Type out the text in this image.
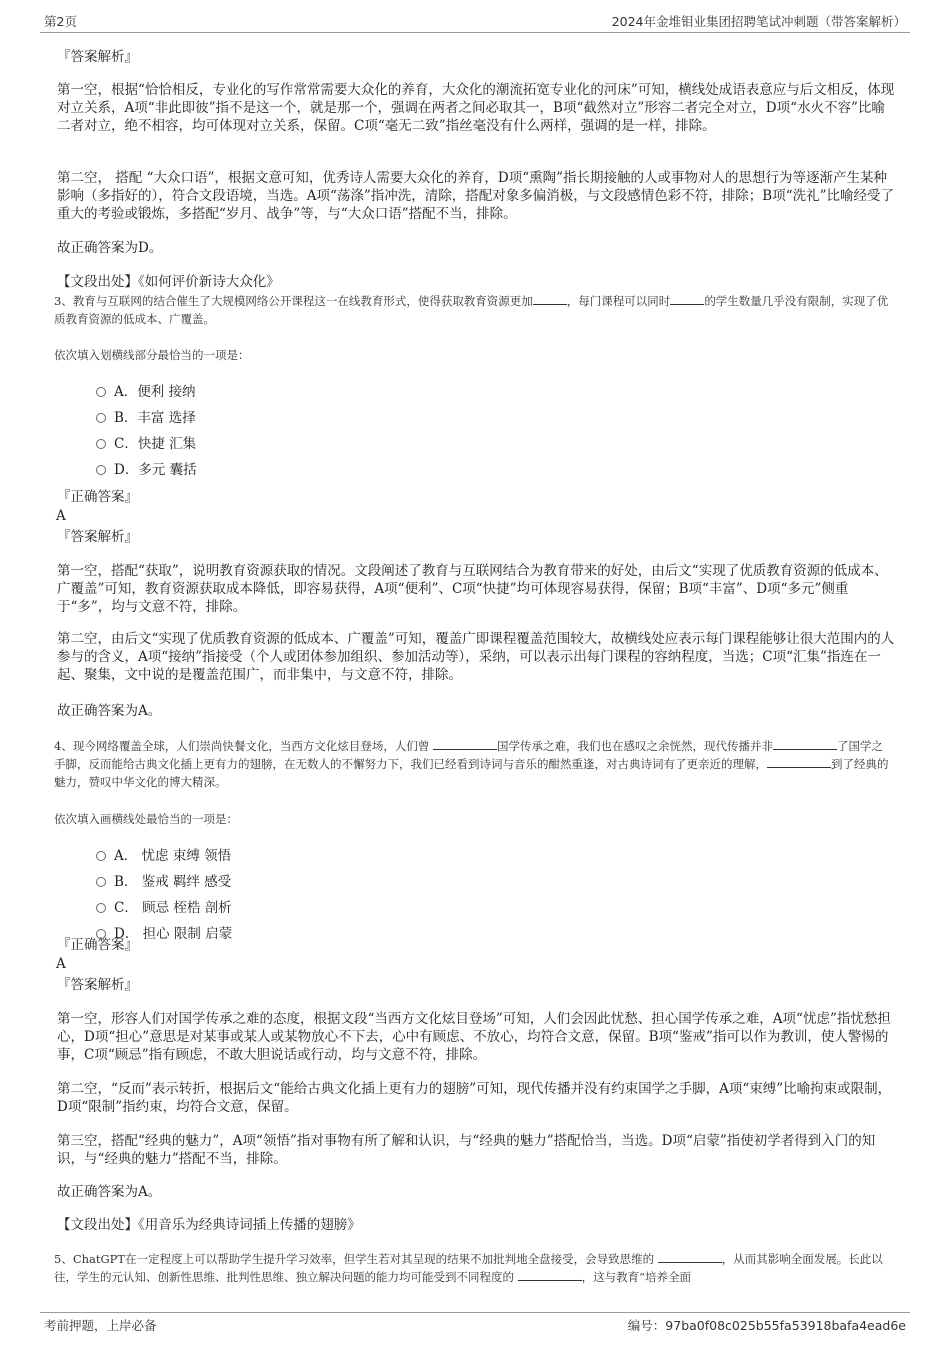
第2页	2024年金堆钼业集团招聘笔试冲刺题（带答案解析）

『答案解析』

第一空，根据“恰恰相反，专业化的写作常常需要大众化的养育，大众化的潮流拓宽专业化的河床”可知，横线处成语表意应与后文相反，体现对立关系，A项“非此即彼”指不是这一个，就是那一个，强调在两者之间必取其一，B项“截然对立”形容二者完全对立，D项“水火不容”比喻二者对立，绝不相容，均可体现对立关系，保留。C项“毫无二致”指丝毫没有什么两样，强调的是一样，排除。

第二空， 搭配 “大众口语”，根据文意可知，优秀诗人需要大众化的养育，D项“熏陶”指长期接触的人或事物对人的思想行为等逐渐产生某种影响（多指好的），符合文段语境，当选。A项“荡涤”指冲洗，清除，搭配对象多偏消极，与文段感情色彩不符，排除；B项“洗礼”比喻经受了重大的考验或锻炼，多搭配“岁月、战争”等，与“大众口语”搭配不当，排除。

故正确答案为D。

【文段出处】《如何评价新诗大众化》

3、教育与互联网的结合催生了大规模网络公开课程这一在线教育形式，使得获取教育资源更加	，每门课程可以同时	的学生数量几乎没有限制，实现了优质教育资源的低成本、广覆盖。

依次填入划横线部分最恰当的一项是：

A．便利 接纳
B．丰富 选择
C．快捷 汇集
D．多元 囊括

『正确答案』

A

『答案解析』

第一空，搭配“获取”，说明教育资源获取的情况。文段阐述了教育与互联网结合为教育带来的好处，由后文“实现了优质教育资源的低成本、广覆盖”可知，教育资源获取成本降低，即容易获得，A项“便利”、C项“快捷”均可体现容易获得，保留；B项“丰富”、D项“多元”侧重于“多”，均与文意不符，排除。

第二空，由后文“实现了优质教育资源的低成本、广覆盖”可知，覆盖广即课程覆盖范围较大，故横线处应表示每门课程能够让很大范围内的人参与的含义，A项“接纳”指接受（个人或团体参加组织、参加活动等），采纳，可以表示出每门课程的容纳程度，当选；C项“汇集”指连在一起、聚集，文中说的是覆盖范围广，而非集中，与文意不符，排除。

故正确答案为A。

4、现今网络覆盖全球，人们崇尚快餐文化，当西方文化炫目登场，人们曾	国学传承之难，我们也在感叹之余恍然，现代传播并非	了国学之手脚，反而能给古典文化插上更有力的翅膀，在无数人的不懈努力下，我们已经看到诗词与音乐的酣然重逢，对古典诗词有了更亲近的理解，	到了经典的魅力，赞叹中华文化的博大精深。

依次填入画横线处最恰当的一项是：

A． 忧虑 束缚 领悟
B． 鉴戒 羁绊 感受
C． 顾忌 桎梏 剖析
D． 担心 限制 启蒙

『正确答案』

A

『答案解析』

第一空，形容人们对国学传承之难的态度，根据文段“当西方文化炫目登场”可知，人们会因此忧愁、担心国学传承之难，A项“忧虑”指忧愁担心，D项“担心”意思是对某事或某人或某物放心不下去，心中有顾虑、不放心，均符合文意，保留。B项“鉴戒”指可以作为教训，使人警惕的事，C项“顾忌”指有顾虑，不敢大胆说话或行动，均与文意不符，排除。

第二空，“反而”表示转折，根据后文“能给古典文化插上更有力的翅膀”可知，现代传播并没有约束国学之手脚，A项“束缚”比喻拘束或限制，D项“限制”指约束，均符合文意，保留。

第三空，搭配“经典的魅力”，A项“领悟”指对事物有所了解和认识，与“经典的魅力”搭配恰当，当选。D项“启蒙”指使初学者得到入门的知识，与“经典的魅力”搭配不当，排除。

故正确答案为A。

【文段出处】《用音乐为经典诗词插上传播的翅膀》

5、ChatGPT在一定程度上可以帮助学生提升学习效率，但学生若对其呈现的结果不加批判地全盘接受，会导致思维的	，从而其影响全面发展。长此以往，学生的元认知、创新性思维、批判性思维、独立解决问题的能力均可能受到不同程度的	，这与教育“培养全面

考前押题，上岸必备	编号：97ba0f08c025b55fa53918bafa4ead6e
